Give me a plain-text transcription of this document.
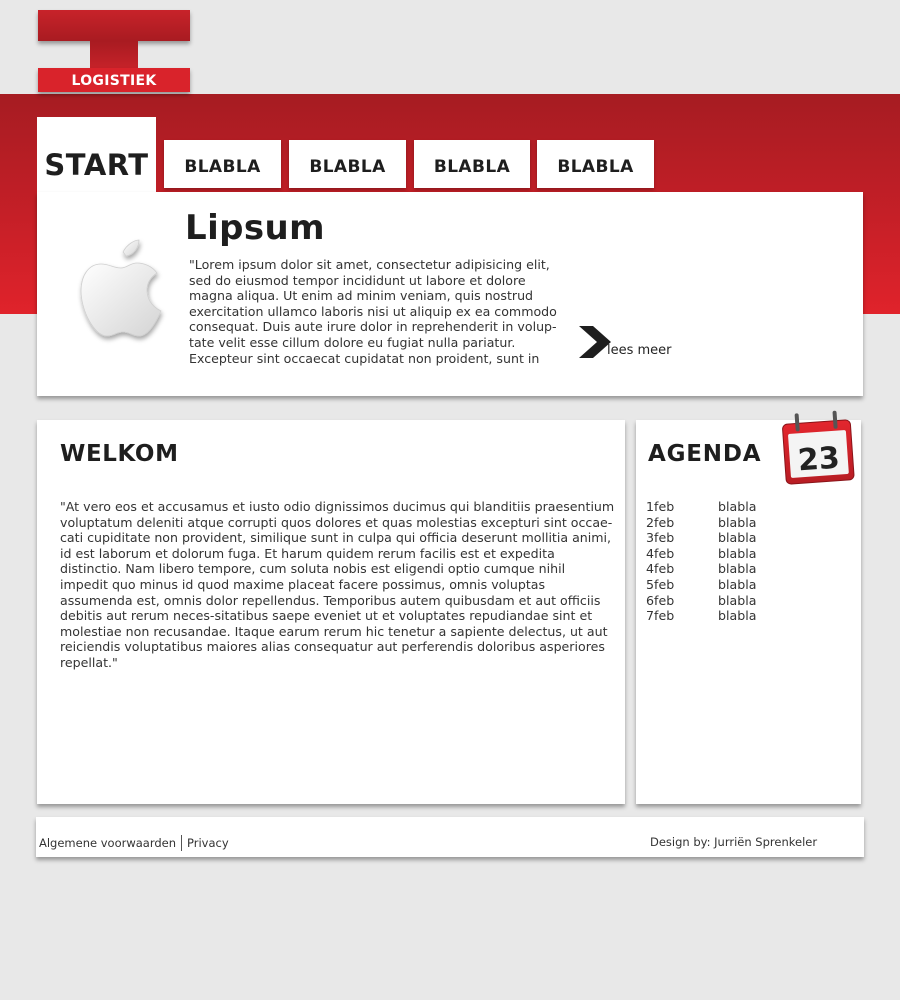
LOGISTIEK
START	BLABLA	BLABLA	BLABLA	BLABLA
Lipsum

"Lorem ipsum dolor sit amet, consectetur adipisicing elit, sed do eiusmod tempor incididunt ut labore et dolore magna aliqua. Ut enim ad minim veniam, quis nostrud exercitation ullamco laboris nisi ut aliquip ex ea commodo consequat. Duis aute irure dolor in reprehenderit in volup-tate velit esse cillum dolore eu fugiat nulla pariatur. Excepteur sint occaecat cupidatat non proident, sunt in

lees meer
WELKOM

"At vero eos et accusamus et iusto odio dignissimos ducimus qui blanditiis praesentium voluptatum deleniti atque corrupti quos dolores et quas molestias excepturi sint occae-cati cupiditate non provident, similique sunt in culpa qui officia deserunt mollitia animi, id est laborum et dolorum fuga. Et harum quidem rerum facilis est et expedita distinctio. Nam libero tempore, cum soluta nobis est eligendi optio cumque nihil impedit quo minus id quod maxime placeat facere possimus, omnis voluptas assumenda est, omnis dolor repellendus. Temporibus autem quibusdam et aut officiis debitis aut rerum neces-sitatibus saepe eveniet ut et voluptates repudiandae sint et molestiae non recusandae. Itaque earum rerum hic tenetur a sapiente delectus, ut aut reiciendis voluptatibus maiores alias consequatur aut perferendis doloribus asperiores repellat."

AGENDA 23
1feb	blabla
2feb	blabla
3feb	blabla
4feb	blabla
4feb	blabla
5feb	blabla
6feb	blabla
7feb	blabla
Algemene voorwaarden Privacy	Design by: Jurriën Sprenkeler
